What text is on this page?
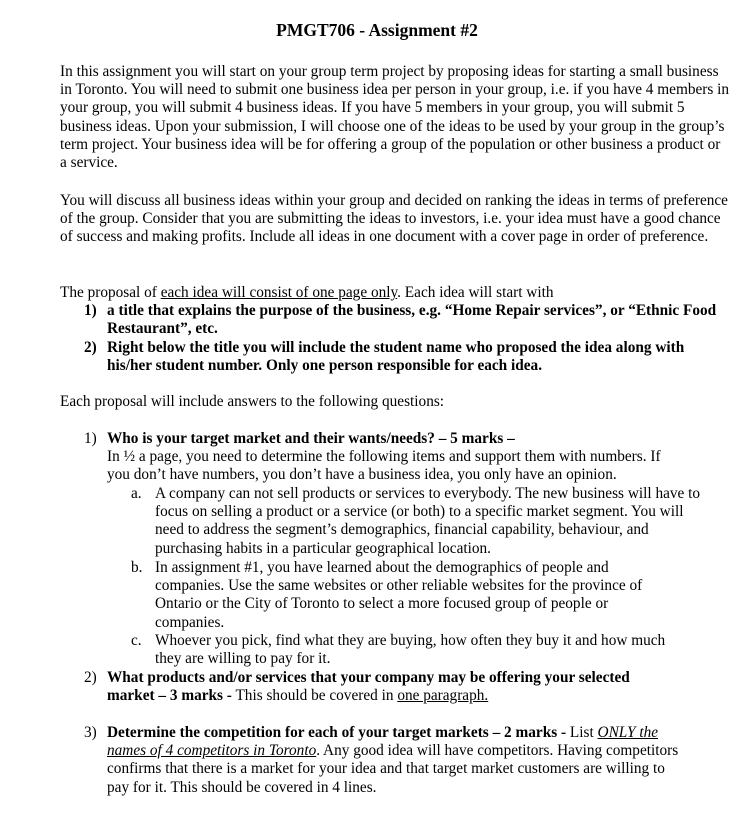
PMGT706 - Assignment #2

In this assignment you will start on your group term project by proposing ideas for starting a small business in Toronto. You will need to submit one business idea per person in your group, i.e. if you have 4 members in your group, you will submit 4 business ideas. If you have 5 members in your group, you will submit 5 business ideas. Upon your submission, I will choose one of the ideas to be used by your group in the group’s term project. Your business idea will be for offering a group of the population or other business a product or a service.

You will discuss all business ideas within your group and decided on ranking the ideas in terms of preference of the group. Consider that you are submitting the ideas to investors, i.e. your idea must have a good chance of success and making profits. Include all ideas in one document with a cover page in order of preference.

The proposal of each idea will consist of one page only. Each idea will start with

1) a title that explains the purpose of the business, e.g. “Home Repair services”, or “Ethnic Food Restaurant”, etc.

2) Right below the title you will include the student name who proposed the idea along with his/her student number. Only one person responsible for each idea.

Each proposal will include answers to the following questions:

1) Who is your target market and their wants/needs? – 5 marks –

In ½ a page, you need to determine the following items and support them with numbers. If you don’t have numbers, you don’t have a business idea, you only have an opinion.

a. A company can not sell products or services to everybody. The new business will have to focus on selling a product or a service (or both) to a specific market segment. You will need to address the segment’s demographics, financial capability, behaviour, and purchasing habits in a particular geographical location.

b. In assignment #1, you have learned about the demographics of people and companies. Use the same websites or other reliable websites for the province of Ontario or the City of Toronto to select a more focused group of people or companies.

c. Whoever you pick, find what they are buying, how often they buy it and how much they are willing to pay for it.

2) What products and/or services that your company may be offering your selected market – 3 marks - This should be covered in one paragraph.

3) Determine the competition for each of your target markets – 2 marks - List ONLY the names of 4 competitors in Toronto. Any good idea will have competitors. Having competitors confirms that there is a market for your idea and that target market customers are willing to pay for it. This should be covered in 4 lines.
